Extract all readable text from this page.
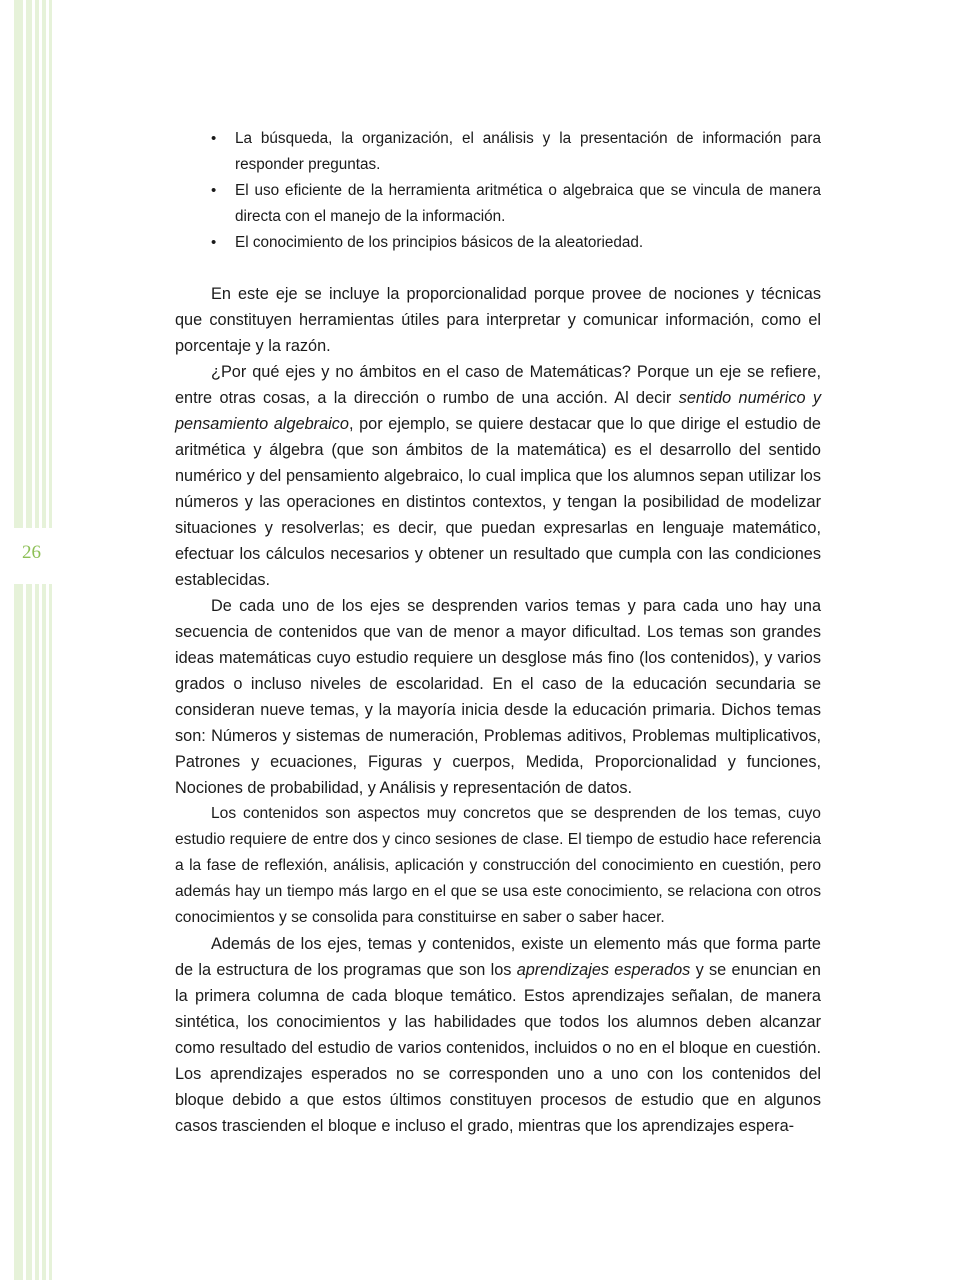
26
• La búsqueda, la organización, el análisis y la presentación de información para responder preguntas.
• El uso eficiente de la herramienta aritmética o algebraica que se vincula de manera directa con el manejo de la información.
• El conocimiento de los principios básicos de la aleatoriedad.

En este eje se incluye la proporcionalidad porque provee de nociones y técnicas que constituyen herramientas útiles para interpretar y comunicar información, como el porcentaje y la razón.

¿Por qué ejes y no ámbitos en el caso de Matemáticas? Porque un eje se refiere, entre otras cosas, a la dirección o rumbo de una acción. Al decir sentido numérico y pensamiento algebraico, por ejemplo, se quiere destacar que lo que dirige el estudio de aritmética y álgebra (que son ámbitos de la matemática) es el desarrollo del sentido numérico y del pensamiento algebraico, lo cual implica que los alumnos sepan utilizar los números y las operaciones en distintos contextos, y tengan la posibilidad de modelizar situaciones y resolverlas; es decir, que puedan expresarlas en lenguaje matemático, efectuar los cálculos necesarios y obtener un resultado que cumpla con las condiciones establecidas.

De cada uno de los ejes se desprenden varios temas y para cada uno hay una secuencia de contenidos que van de menor a mayor dificultad. Los temas son grandes ideas matemáticas cuyo estudio requiere un desglose más fino (los contenidos), y varios grados o incluso niveles de escolaridad. En el caso de la educación secundaria se consideran nueve temas, y la mayoría inicia desde la educación primaria. Dichos temas son: Números y sistemas de numeración, Problemas aditivos, Problemas multiplicativos, Patrones y ecuaciones, Figuras y cuerpos, Medida, Proporcionalidad y funciones, Nociones de probabilidad, y Análisis y representación de datos.

Los contenidos son aspectos muy concretos que se desprenden de los temas, cuyo estudio requiere de entre dos y cinco sesiones de clase. El tiempo de estudio hace referencia a la fase de reflexión, análisis, aplicación y construcción del conocimiento en cuestión, pero además hay un tiempo más largo en el que se usa este conocimiento, se relaciona con otros conocimientos y se consolida para constituirse en saber o saber hacer.

Además de los ejes, temas y contenidos, existe un elemento más que forma parte de la estructura de los programas que son los aprendizajes esperados y se enuncian en la primera columna de cada bloque temático. Estos aprendizajes señalan, de manera sintética, los conocimientos y las habilidades que todos los alumnos deben alcanzar como resultado del estudio de varios contenidos, incluidos o no en el bloque en cuestión. Los aprendizajes esperados no se corresponden uno a uno con los contenidos del bloque debido a que estos últimos constituyen procesos de estudio que en algunos casos trascienden el bloque e incluso el grado, mientras que los aprendizajes espera-
